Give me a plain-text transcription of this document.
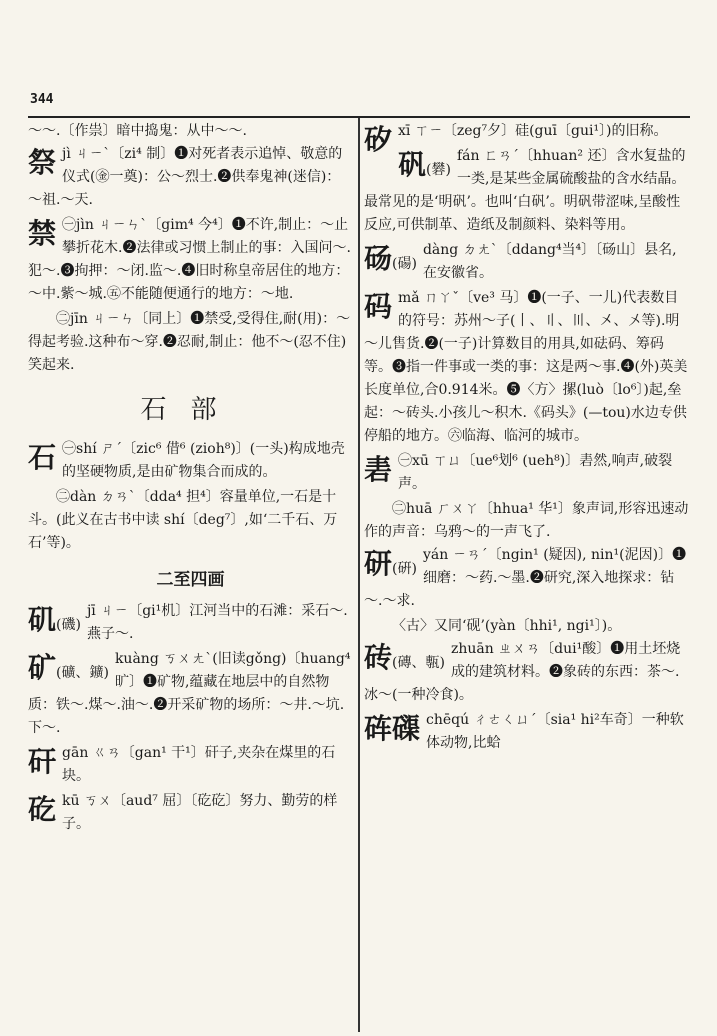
344

～～.〔作祟〕暗中捣鬼：从中～～.

祭 jì ㄐㄧˋ〔zi⁴ 制〕❶对死者表示追悼、敬意的仪式(㊎一奠)：公～烈士.❷供奉鬼神(迷信)：～祖.～天.
禁 ㊀jìn ㄐㄧㄣˋ〔gim⁴ 今⁴〕❶不许,制止：～止攀折花木.❷法律或习惯上制止的事：入国问～.犯～.❸拘押：～闭.监～.❹旧时称皇帝居住的地方：～中.紫～城.㊄不能随便通行的地方：～地.

㊁jīn ㄐㄧㄣ〔同上〕❶禁受,受得住,耐(用)：～得起考验.这种布～穿.❷忍耐,制止：他不～(忍不住)笑起来.

石部
石 ㊀shí ㄕˊ〔zic⁶ 借⁶ (zioh⁸)〕(一头)构成地壳的坚硬物质,是由矿物集合而成的。

㊁dàn ㄉㄢˋ〔dda⁴ 担⁴〕容量单位,一石是十斗。(此义在古书中读 shí〔deg⁷〕,如‘二千石、万石’等)。

二至四画
矶(磯)
jī ㄐㄧ〔gi¹机〕江河当中的石滩：采石～.燕子～.
矿(礦、鑛)
kuàng ㄎㄨㄤˋ(旧读gǒng)〔huang⁴旷〕❶矿物,蕴藏在地层中的自然物质：铁～.煤～.油～.❷开采矿物的场所：～井.～坑.下～.
矸 gān ㄍㄢ〔gan¹ 干¹〕矸子,夹杂在煤里的石块。
矻 kū ㄎㄨ〔aud⁷ 屈〕〔矻矻〕努力、勤劳的样子。
矽 xī ㄒㄧ〔zeg⁷夕〕硅(guī〔gui¹〕)的旧称。
矾(礬)
fán ㄈㄢˊ〔hhuan² 还〕含水复盐的一类,是某些金属硫酸盐的含水结晶。最常见的是‘明矾’。也叫‘白矾’。明矾带涩味,呈酸性反应,可供制革、造纸及制颜料、染料等用。
砀(碭)
dàng ㄉㄤˋ〔ddang⁴当⁴〕〔砀山〕县名,在安徽省。
码 mǎ ㄇㄚˇ〔ve³ 马〕❶(一子、一儿)代表数目的符号：苏州～子(丨、〢、〣、㐅、〤等).明～儿售货.❷(一子)计算数目的用具,如砝码、筹码等。❸指一件事或一类的事：这是两～事.❹(外)英美长度单位,合0.914米。❺〈方〉摞(luò〔lo⁶〕)起,垒起：～砖头.小孩儿～积木.《码头》(—tou)水边专供停船的地方。㊅临海、临河的城市。
砉 ㊀xū ㄒㄩ〔ue⁶划⁶ (ueh⁸)〕砉然,响声,破裂声。

㊁huā ㄏㄨㄚ〔hhua¹ 华¹〕象声词,形容迅速动作的声音：乌鸦～的一声飞了.

研(硏)
yán ㄧㄢˊ〔ngin¹ (疑因), nin¹(泥因)〕❶细磨：～药.～墨.❷研究,深入地探求：钻～.～求.

〈古〉又同‘砚’(yàn〔hhi¹, ngi¹〕)。

砖(磚、甎)
zhuān ㄓㄨㄢ〔dui¹酸〕❶用土坯烧成的建筑材料。❷象砖的东西：茶～.冰～(一种冷食)。
砗磲 chēqú ㄔㄜㄑㄩˊ〔sia¹ hi²车奇〕一种软体动物,比蛤
